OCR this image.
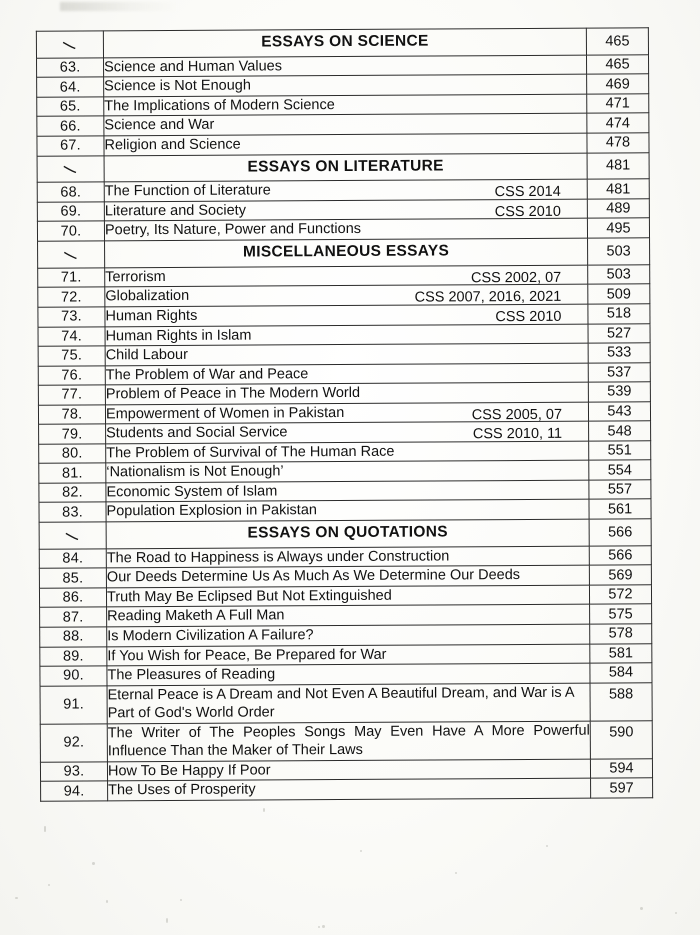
	ESSAYS ON SCIENCE	465
63.	Science and Human Values	465
64.	Science is Not Enough	469
65.	The Implications of Modern Science	471
66.	Science and War	474
67.	Religion and Science	478

	ESSAYS ON LITERATURE	481
68.	The Function of Literature CSS 2014	481
69.	Literature and Society CSS 2010	489
70.	Poetry, Its Nature, Power and Functions	495

	MISCELLANEOUS ESSAYS	503
71.	Terrorism CSS 2002, 07	503
72.	Globalization CSS 2007, 2016, 2021	509
73.	Human Rights CSS 2010	518
74.	Human Rights in Islam	527
75.	Child Labour	533
76.	The Problem of War and Peace	537
77.	Problem of Peace in The Modern World	539
78.	Empowerment of Women in Pakistan CSS 2005, 07	543
79.	Students and Social Service CSS 2010, 11	548
80.	The Problem of Survival of The Human Race	551
81.	‘Nationalism is Not Enough’	554
82.	Economic System of Islam	557
83.	Population Explosion in Pakistan	561

	ESSAYS ON QUOTATIONS	566
84.	The Road to Happiness is Always under Construction	566
85.	Our Deeds Determine Us As Much As We Determine Our Deeds	569
86.	Truth May Be Eclipsed But Not Extinguished	572
87.	Reading Maketh A Full Man	575
88.	Is Modern Civilization A Failure?	578
89.	If You Wish for Peace, Be Prepared for War	581
90.	The Pleasures of Reading	584
91.	Eternal Peace is A Dream and Not Even A Beautiful Dream, and War is A Part of God's World Order	588
92.	The Writer of The Peoples Songs May Even Have A More Powerful Influence Than the Maker of Their Laws	590
93.	How To Be Happy If Poor	594
94.	The Uses of Prosperity	597
